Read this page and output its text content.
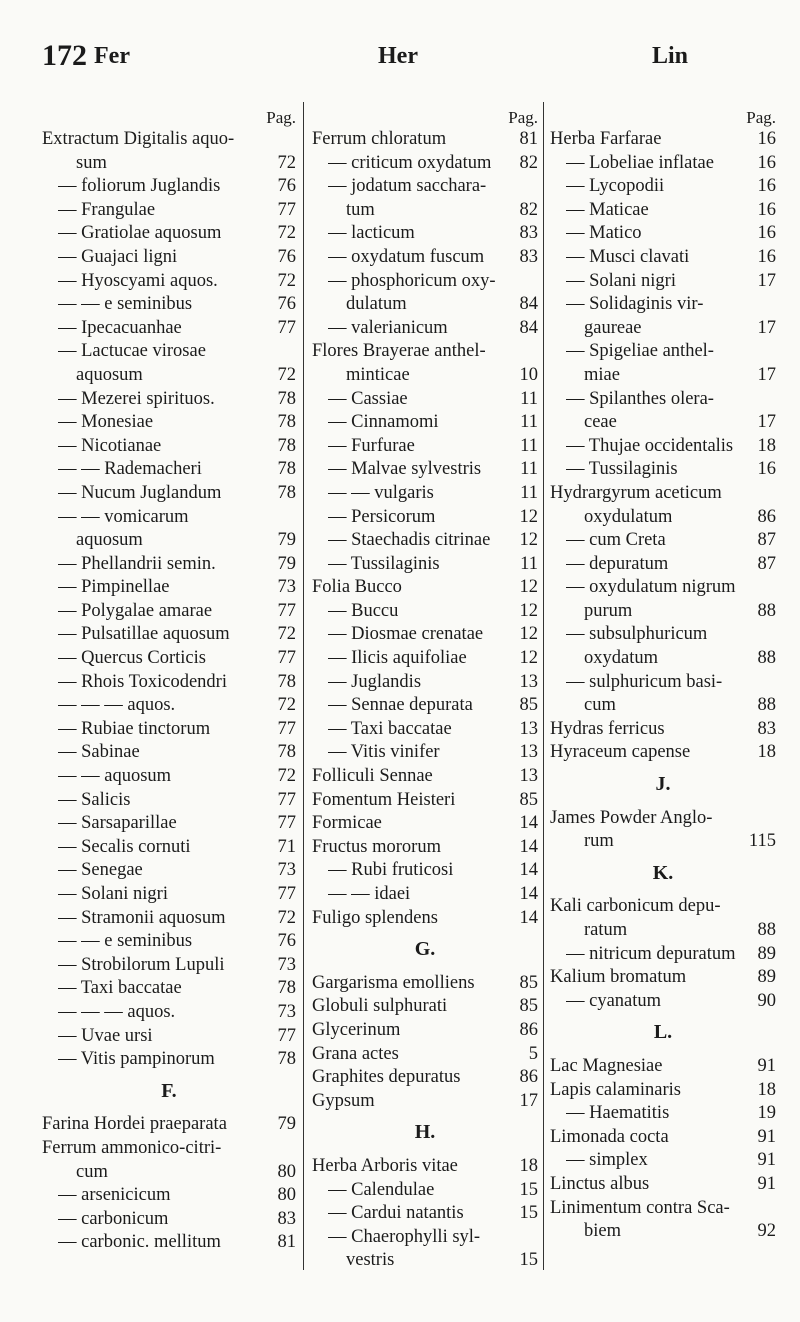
172 Fer	Her	Lin
Pag.
Extractum Digitalis aquo-
sum	72
— foliorum Juglandis	76
— Frangulae	77
— Gratiolae aquosum	72
— Guajaci ligni	76
— Hyoscyami aquos.	72
— — e seminibus	76
— Ipecacuanhae	77
— Lactucae virosae
aquosum	72
— Mezerei spirituos.	78
— Monesiae	78
— Nicotianae	78
— — Rademacheri	78
— Nucum Juglandum	78
— — vomicarum
aquosum	79
— Phellandrii semin.	79
— Pimpinellae	73
— Polygalae amarae	77
— Pulsatillae aquosum	72
— Quercus Corticis	77
— Rhois Toxicodendri	78
— — — aquos.	72
— Rubiae tinctorum	77
— Sabinae	78
— — aquosum	72
— Salicis	77
— Sarsaparillae	77
— Secalis cornuti	71
— Senegae	73
— Solani nigri	77
— Stramonii aquosum	72
— — e seminibus	76
— Strobilorum Lupuli	73
— Taxi baccatae	78
— — — aquos.	73
— Uvae ursi	77
— Vitis pampinorum	78
F.
Farina Hordei praeparata	79
Ferrum ammonico-citri-
cum	80
— arsenicicum	80
— carbonicum	83
— carbonic. mellitum	81
Pag.
Ferrum chloratum	81
— criticum oxydatum 82
— jodatum sacchara-
tum	82
— lacticum	83
— oxydatum fuscum 83
— phosphoricum oxy-
dulatum	84
— valerianicum	84
Flores Brayerae anthel-
minticae	10
— Cassiae	11
— Cinnamomi	11
— Furfurae	11
— Malvae sylvestris 11
— — vulgaris	11
— Persicorum	12
— Staechadis citrinae 12
— Tussilaginis	11
Folia Bucco	12
— Buccu	12
— Diosmae crenatae 12
— Ilicis aquifoliae	12
— Juglandis	13
— Sennae depurata	85
— Taxi baccatae	13
— Vitis vinifer	13
Folliculi Sennae	13
Fomentum Heisteri	85
Formicae	14
Fructus mororum	14
— Rubi fruticosi	14
— — idaei	14
Fuligo splendens	14
G.
Gargarisma emolliens 85
Globuli sulphurati	85
Glycerinum	86
Grana actes	5
Graphites depuratus	86
Gypsum	17
H.
Herba Arboris vitae	18
— Calendulae	15
— Cardui natantis	15
— Chaerophylli syl-
vestris	15
Pag.
Herba Farfarae	16
— Lobeliae inflatae 16
— Lycopodii	16
— Maticae	16
— Matico	16
— Musci clavati	16
— Solani nigri	17
— Solidaginis vir-
gaureae	17
— Spigeliae anthel-
miae	17
— Spilanthes olera-
ceae	17
— Thujae occidentalis 18
— Tussilaginis	16
Hydrargyrum aceticum
oxydulatum	86
— cum Creta	87
— depuratum	87
— oxydulatum nigrum
purum	88
— subsulphuricum
oxydatum	88
— sulphuricum basi-
cum	88
Hydras ferricus	83
Hyraceum capense	18
J.
James Powder Anglo-
rum	115
K.
Kali carbonicum depu-
ratum	88
— nitricum depuratum 89
Kalium bromatum	89
— cyanatum	90
L.
Lac Magnesiae	91
Lapis calaminaris	18
— Haematitis	19
Limonada cocta	91
— simplex	91
Linctus albus	91
Linimentum contra Sca-
biem	92
